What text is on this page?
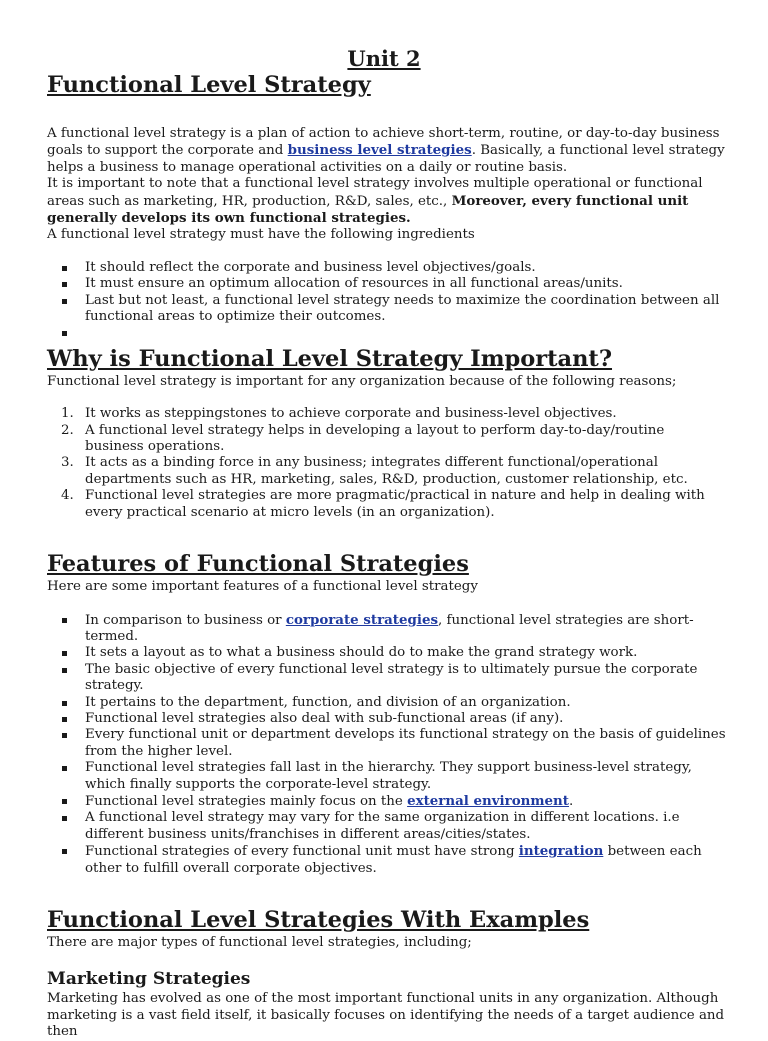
Unit 2
Functional Level Strategy

A functional level strategy is a plan of action to achieve short-term, routine, or day-to-day business goals to support the corporate and business level strategies. Basically, a functional level strategy helps a business to manage operational activities on a daily or routine basis.

It is important to note that a functional level strategy involves multiple operational or functional areas such as marketing, HR, production, R&D, sales, etc., Moreover, every functional unit generally develops its own functional strategies.

A functional level strategy must have the following ingredients

It should reflect the corporate and business level objectives/goals.
It must ensure an optimum allocation of resources in all functional areas/units.
Last but not least, a functional level strategy needs to maximize the coordination between all functional areas to optimize their outcomes.
Why is Functional Level Strategy Important?

Functional level strategy is important for any organization because of the following reasons;

1. It works as steppingstones to achieve corporate and business-level objectives.
2. A functional level strategy helps in developing a layout to perform day-to-day/routine business operations.
3. It acts as a binding force in any business; integrates different functional/operational departments such as HR, marketing, sales, R&D, production, customer relationship, etc.
4. Functional level strategies are more pragmatic/practical in nature and help in dealing with every practical scenario at micro levels (in an organization).
Features of Functional Strategies

Here are some important features of a functional level strategy

In comparison to business or corporate strategies, functional level strategies are short-termed.
It sets a layout as to what a business should do to make the grand strategy work.
The basic objective of every functional level strategy is to ultimately pursue the corporate strategy.
It pertains to the department, function, and division of an organization.
Functional level strategies also deal with sub-functional areas (if any).
Every functional unit or department develops its functional strategy on the basis of guidelines from the higher level.
Functional level strategies fall last in the hierarchy. They support business-level strategy, which finally supports the corporate-level strategy.
Functional level strategies mainly focus on the external environment.
A functional level strategy may vary for the same organization in different locations. i.e different business units/franchises in different areas/cities/states.
Functional strategies of every functional unit must have strong integration between each other to fulfill overall corporate objectives.
Functional Level Strategies With Examples

There are major types of functional level strategies, including;

Marketing Strategies

Marketing has evolved as one of the most important functional units in any organization. Although marketing is a vast field itself, it basically focuses on identifying the needs of a target audience and then
